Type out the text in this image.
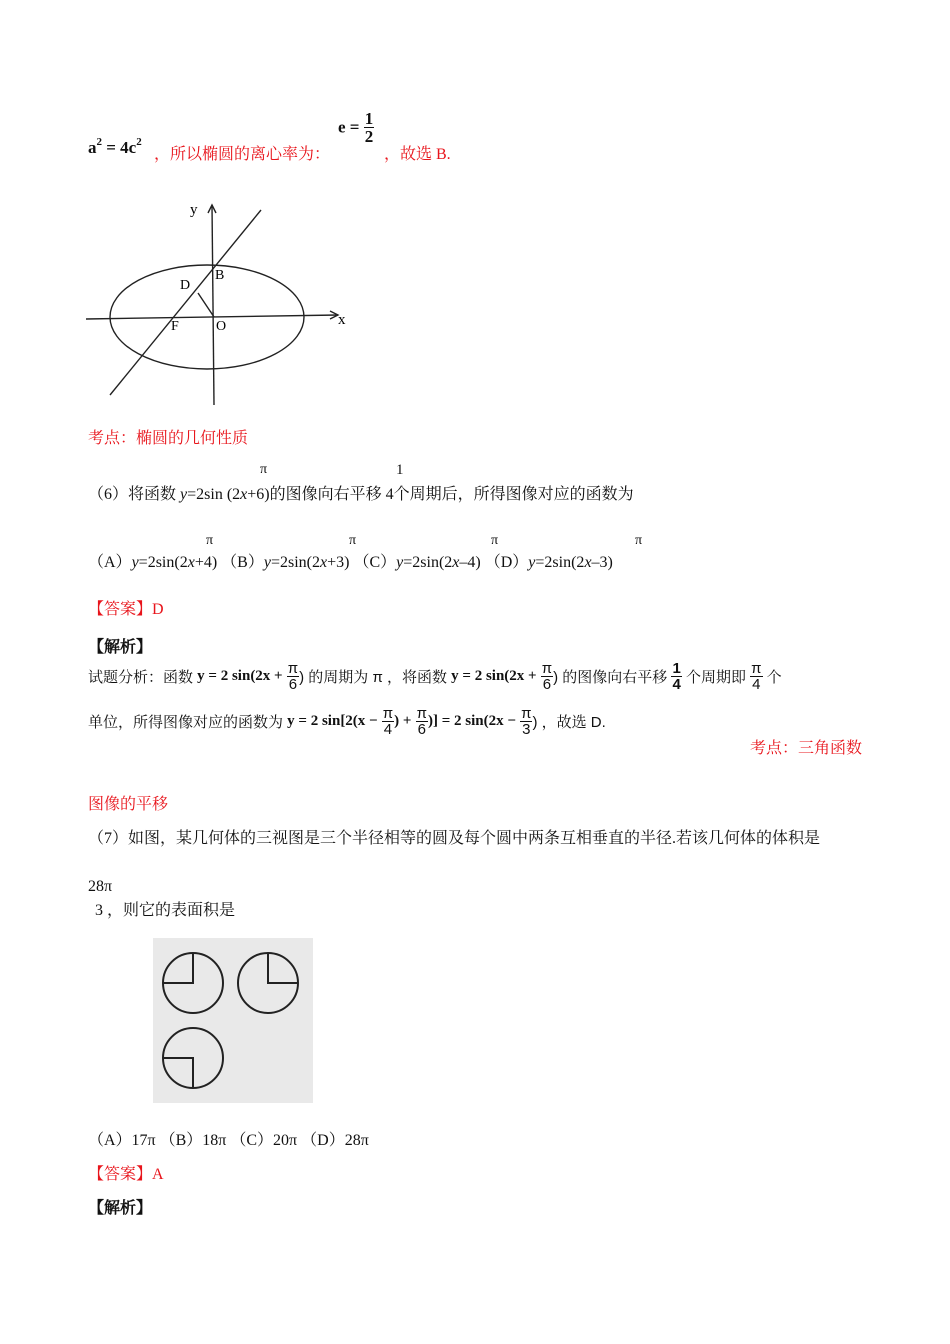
$a^2 = 4c^2$
，所以椭圆的离心率为：
$e = \frac{1}{2}$
，故选 B.
y
x
B
D
F	O
考点：椭圆的几何性质
π	1
（6）将函数 y=2sin (2x+6)的图像向右平移 4个周期后，所得图像对应的函数为
π	π	π	π
（A）y=2sin(2x+4) （B）y=2sin(2x+3) （C）y=2sin(2x–4) （D）y=2sin(2x–3)
【答案】D
【解析】
试题分析：函数 y = 2 $\sin(2x + \frac{\pi}{6}$ ) 的周期为 π ，将函数 y = 2 $\sin(2x + \frac{\pi}{6}$ ) 的图像向右平移 $\frac{1}{4}$ 个周期即 $\frac{\pi}{4}$ 个
单位，所得图像对应的函数为 y = 2 $\sin[2(x - \frac{\pi}{4}$ ) + $\frac{\pi}{6}$ )] = 2 $\sin(2x - \frac{\pi}{3}$ ) ，故选 D.
考点：三角函数
图像的平移
（7）如图，某几何体的三视图是三个半径相等的圆及每个圆中两条互相垂直的半径.若该几何体的体积是
28π
3 ，则它的表面积是
（A）17π （B）18π （C）20π （D）28π
【答案】A
【解析】
